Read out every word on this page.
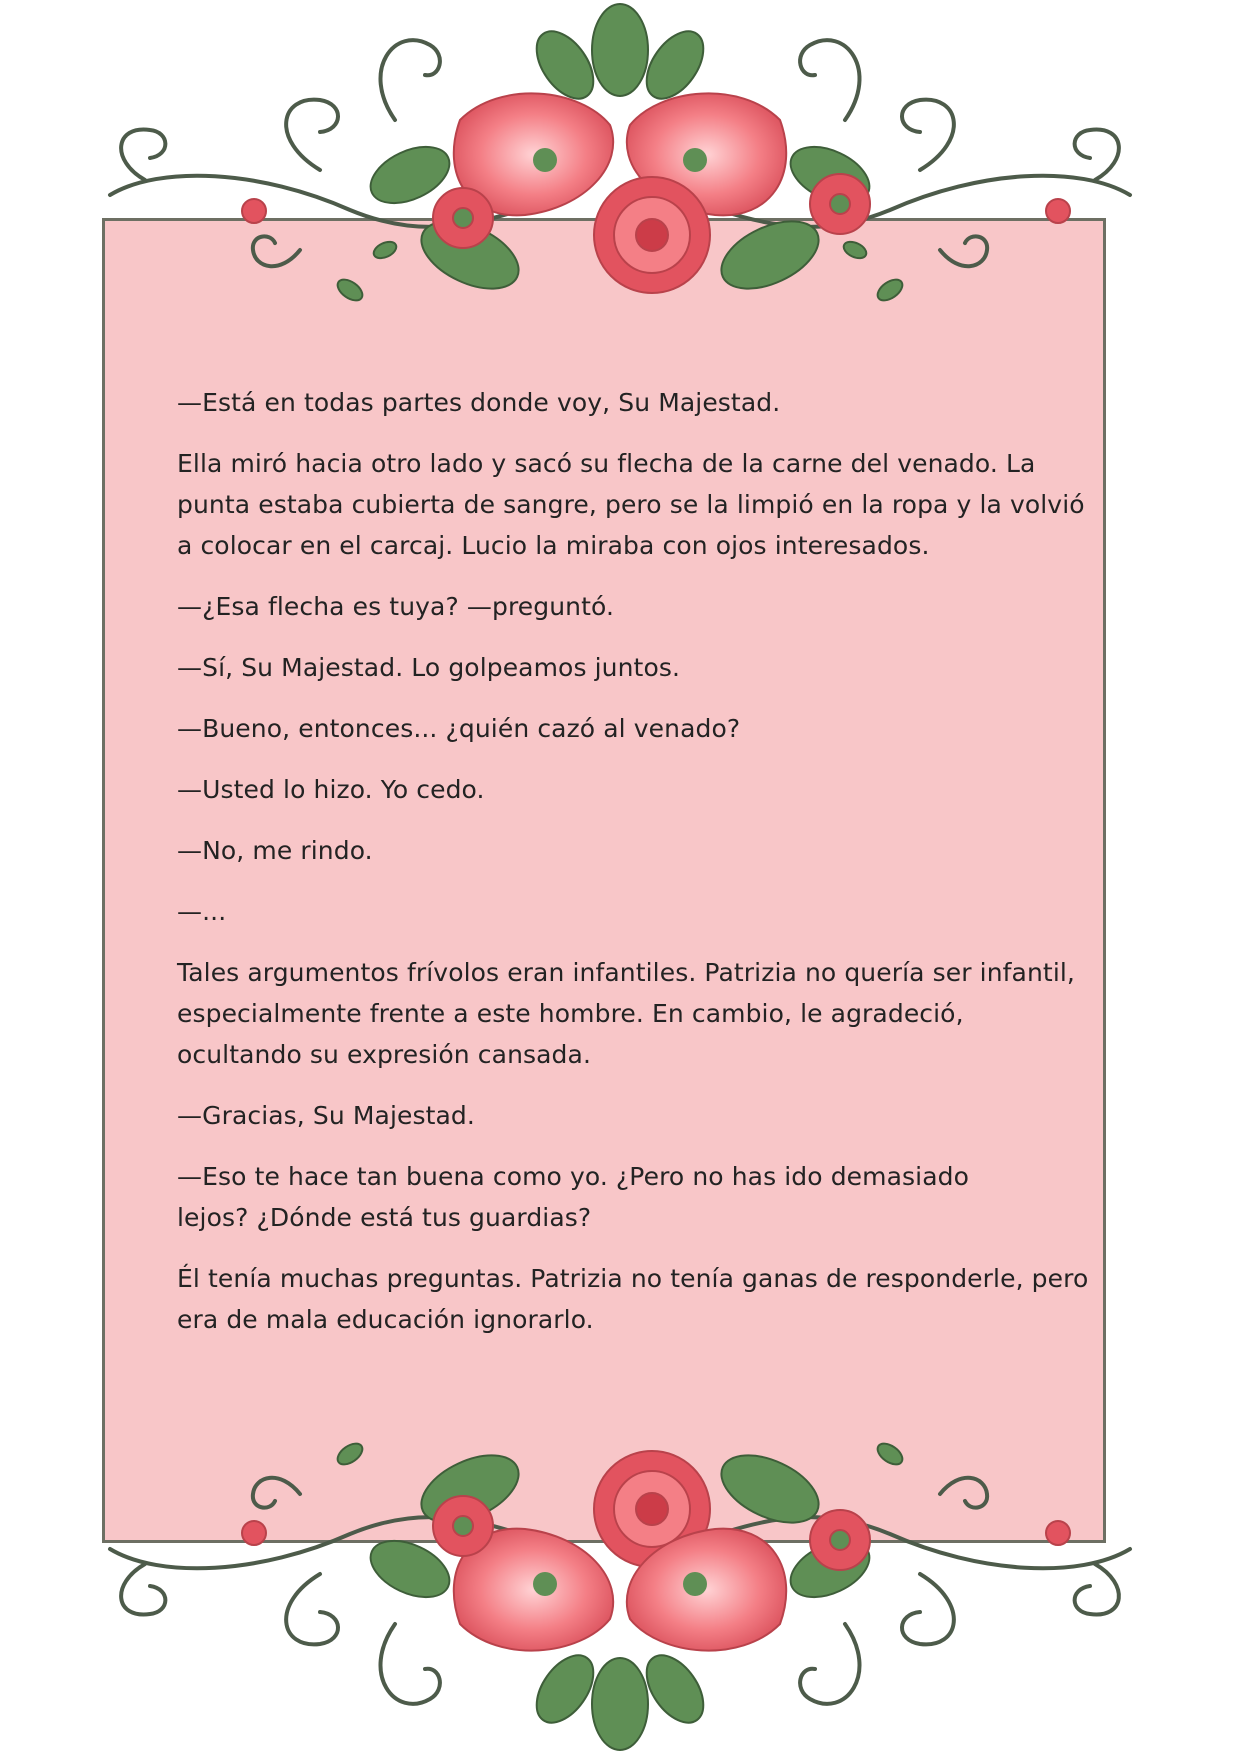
—Está en todas partes donde voy, Su Majestad.

Ella miró hacia otro lado y sacó su flecha de la carne del venado. La
punta estaba cubierta de sangre, pero se la limpió en la ropa y la volvió
a colocar en el carcaj. Lucio la miraba con ojos interesados.

—¿Esa flecha es tuya? —preguntó.

—Sí, Su Majestad. Lo golpeamos juntos.

—Bueno, entonces... ¿quién cazó al venado?

—Usted lo hizo. Yo cedo.

—No, me rindo.

—...

Tales argumentos frívolos eran infantiles. Patrizia no quería ser infantil,
especialmente frente a este hombre. En cambio, le agradeció,
ocultando su expresión cansada.

—Gracias, Su Majestad.

—Eso te hace tan buena como yo. ¿Pero no has ido demasiado
lejos? ¿Dónde está tus guardias?

Él tenía muchas preguntas. Patrizia no tenía ganas de responderle, pero
era de mala educación ignorarlo.
